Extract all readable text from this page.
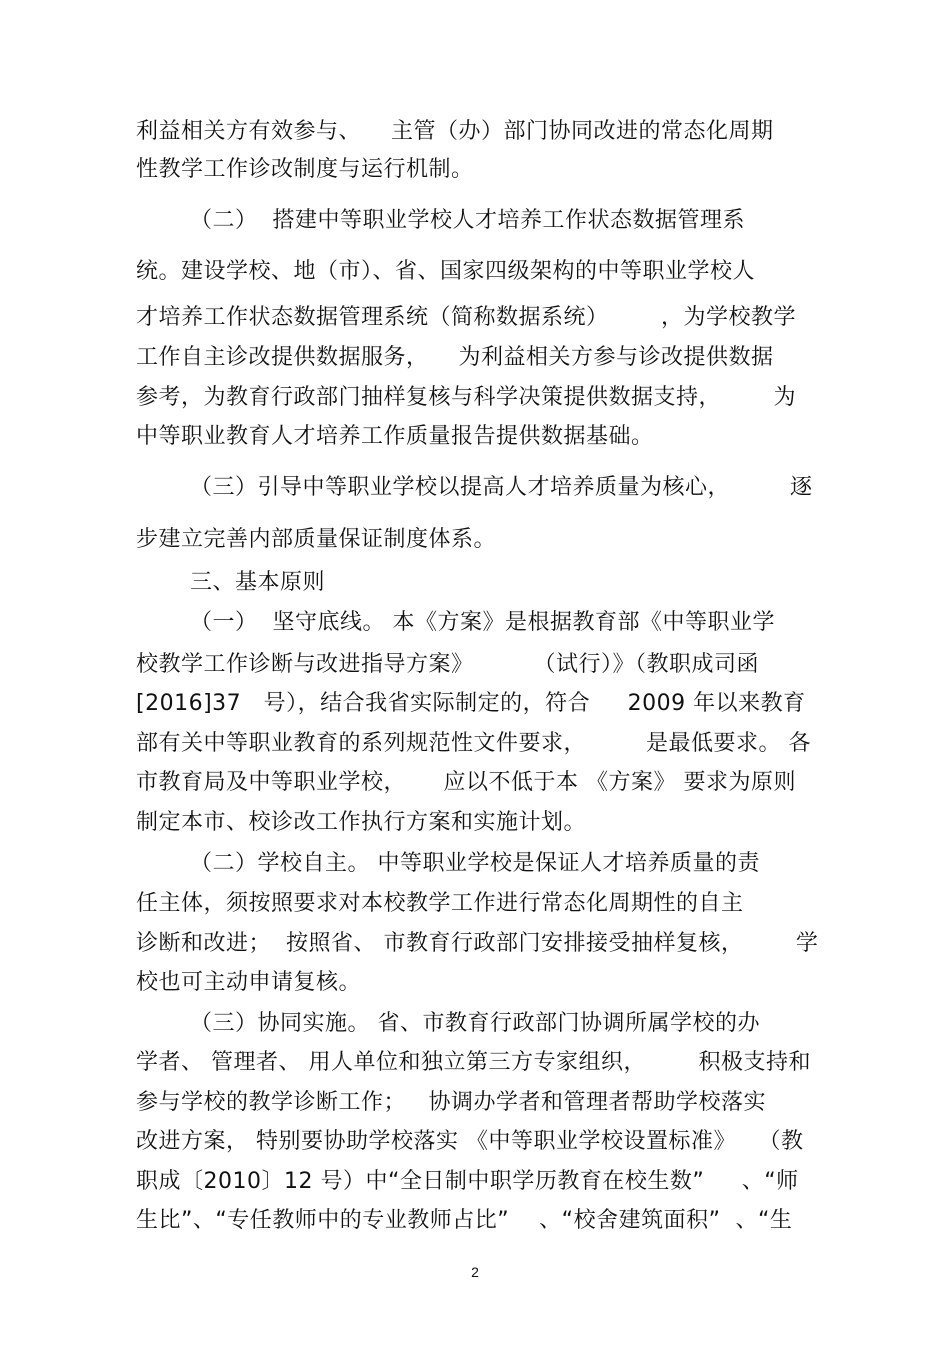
利益相关方有效参与、    主管（办）部门协同改进的常态化周期
性教学工作诊改制度与运行机制。
（二）  搭建中等职业学校人才培养工作状态数据管理系
统。建设学校、地（市）、省、国家四级架构的中等职业学校人
才培养工作状态数据管理系统（简称数据系统）       ，为学校教学
工作自主诊改提供数据服务，    为利益相关方参与诊改提供数据
参考，为教育行政部门抽样复核与科学决策提供数据支持，       为
中等职业教育人才培养工作质量报告提供数据基础。
（三）引导中等职业学校以提高人才培养质量为核心，        逐
步建立完善内部质量保证制度体系。
三、基本原则
（一）  坚守底线。 本《方案》是根据教育部《中等职业学
校教学工作诊断与改进指导方案》        （试行）》（教职成司函
[2016]37   号），结合我省实际制定的，符合     2009 年以来教育
部有关中等职业教育的系列规范性文件要求，        是最低要求。 各
市教育局及中等职业学校，     应以不低于本 《方案》 要求为原则
制定本市、校诊改工作执行方案和实施计划。
（二）学校自主。 中等职业学校是保证人才培养质量的责
任主体，须按照要求对本校教学工作进行常态化周期性的自主
诊断和改进；  按照省、 市教育行政部门安排接受抽样复核，       学
校也可主动申请复核。
（三）协同实施。 省、市教育行政部门协调所属学校的办
学者、 管理者、 用人单位和独立第三方专家组织，       积极支持和
参与学校的教学诊断工作；   协调办学者和管理者帮助学校落实
改进方案， 特别要协助学校落实 《中等职业学校设置标准》   （教
职成〔2010〕12 号）中“全日制中职学历教育在校生数”     、“师
生比”、“专任教师中的专业教师占比”    、“校舍建筑面积”  、“生
2
